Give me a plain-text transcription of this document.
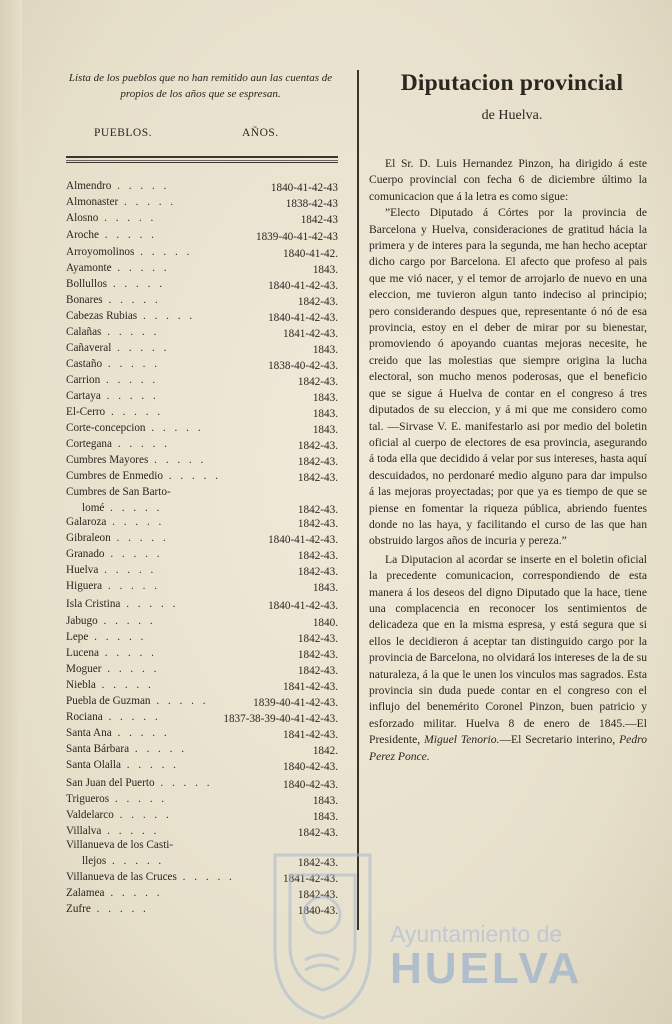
Lista de los pueblos que no han remitido aun las cuentas de propios de los años que se espresan.
PUEBLOS.	AÑOS.
Almendro . . . . .	1840-41-42-43
Almonaster . . . . .	1838-42-43
Alosno . . . . .	1842-43
Aroche . . . . .	1839-40-41-42-43
Arroyomolinos . . . . .	1840-41-42.
Ayamonte . . . . .	1843.
Bollullos . . . . .	1840-41-42-43.
Bonares . . . . .	1842-43.
Cabezas Rubias . . . . .	1840-41-42-43.
Calañas . . . . .	1841-42-43.
Cañaveral . . . . .	1843.
Castaño . . . . .	1838-40-42-43.
Carrion . . . . .	1842-43.
Cartaya . . . . .	1843.
El-Cerro . . . . .	1843.
Corte-concepcion . . . . .	1843.
Cortegana . . . . .	1842-43.
Cumbres Mayores . . . . .	1842-43.
Cumbres de Enmedio . . . . .	1842-43.
Cumbres de San Barto-
lomé . . . . .	1842-43.
Galaroza . . . . .	1842-43.
Gibraleon . . . . .	1840-41-42-43.
Granado . . . . .	1842-43.
Huelva . . . . .	1842-43.
Higuera . . . . .	1843.
Isla Cristina . . . . .	1840-41-42-43.
Jabugo . . . . .	1840.
Lepe . . . . .	1842-43.
Lucena . . . . .	1842-43.
Moguer . . . . .	1842-43.
Niebla . . . . .	1841-42-43.
Puebla de Guzman . . . . .	1839-40-41-42-43.
Rociana . . . . .	1837-38-39-40-41-42-43.
Santa Ana . . . . .	1841-42-43.
Santa Bárbara . . . . .	1842.
Santa Olalla . . . . .	1840-42-43.
San Juan del Puerto . . . . .	1840-42-43.
Trigueros . . . . .	1843.
Valdelarco . . . . .	1843.
Villalva . . . . .	1842-43.
Villanueva de los Casti-
llejos . . . . .	1842-43.
Villanueva de las Cruces . . . . .	1841-42-43.
Zalamea . . . . .	1842-43.
Zufre . . . . .	1840-43.
Diputacion provincial
de Huelva.

El Sr. D. Luis Hernandez Pinzon, ha dirigido á este Cuerpo provincial con fecha 6 de diciembre último la comunicacion que á la letra es como sigue:

”Electo Diputado á Córtes por la provincia de Barcelona y Huelva, consideraciones de gratitud hácia la primera y de interes para la segunda, me han hecho aceptar dicho cargo por Barcelona. El afecto que profeso al pais que me vió nacer, y el temor de arrojarlo de nuevo en una eleccion, me tuvieron algun tanto indeciso al principio; pero considerando despues que, representante ó nó de esa provincia, estoy en el deber de mirar por su bienestar, promoviendo ó apoyando cuantas mejoras necesite, he creido que las molestias que siempre origina la lucha electoral, son mucho menos poderosas, que el beneficio que se sigue á Huelva de contar en el congreso á tres diputados de su eleccion, y á mi que me considero como tal. —Sirvase V. E. manifestarlo asi por medio del boletin oficial al cuerpo de electores de esa provincia, asegurando á toda ella que decidido á velar por sus intereses, hasta aquí descuidados, no perdonaré medio alguno para dar impulso á las mejoras proyectadas; por que ya es tiempo de que se piense en fomentar la riqueza pública, abriendo fuentes donde no las haya, y facilitando el curso de las que han obstruido largos años de incuria y pereza.”

La Diputacion al acordar se inserte en el boletin oficial la precedente comunicacion, correspondiendo de esta manera á los deseos del digno Diputado que la hace, tiene una complacencia en reconocer los sentimientos de delicadeza que en la misma espresa, y está segura que si ellos le decidieron á aceptar tan distinguido cargo por la provincia de Barcelona, no olvidará los intereses de la de su naturaleza, á la que le unen los vinculos mas sagrados. Esta provincia sin duda puede contar en el congreso con el influjo del benemérito Coronel Pinzon, buen patricio y esforzado militar. Huelva 8 de enero de 1845.—El Presidente, Miguel Tenorio.—El Secretario interino, Pedro Perez Ponce.

Ayuntamiento de
HUELVA
